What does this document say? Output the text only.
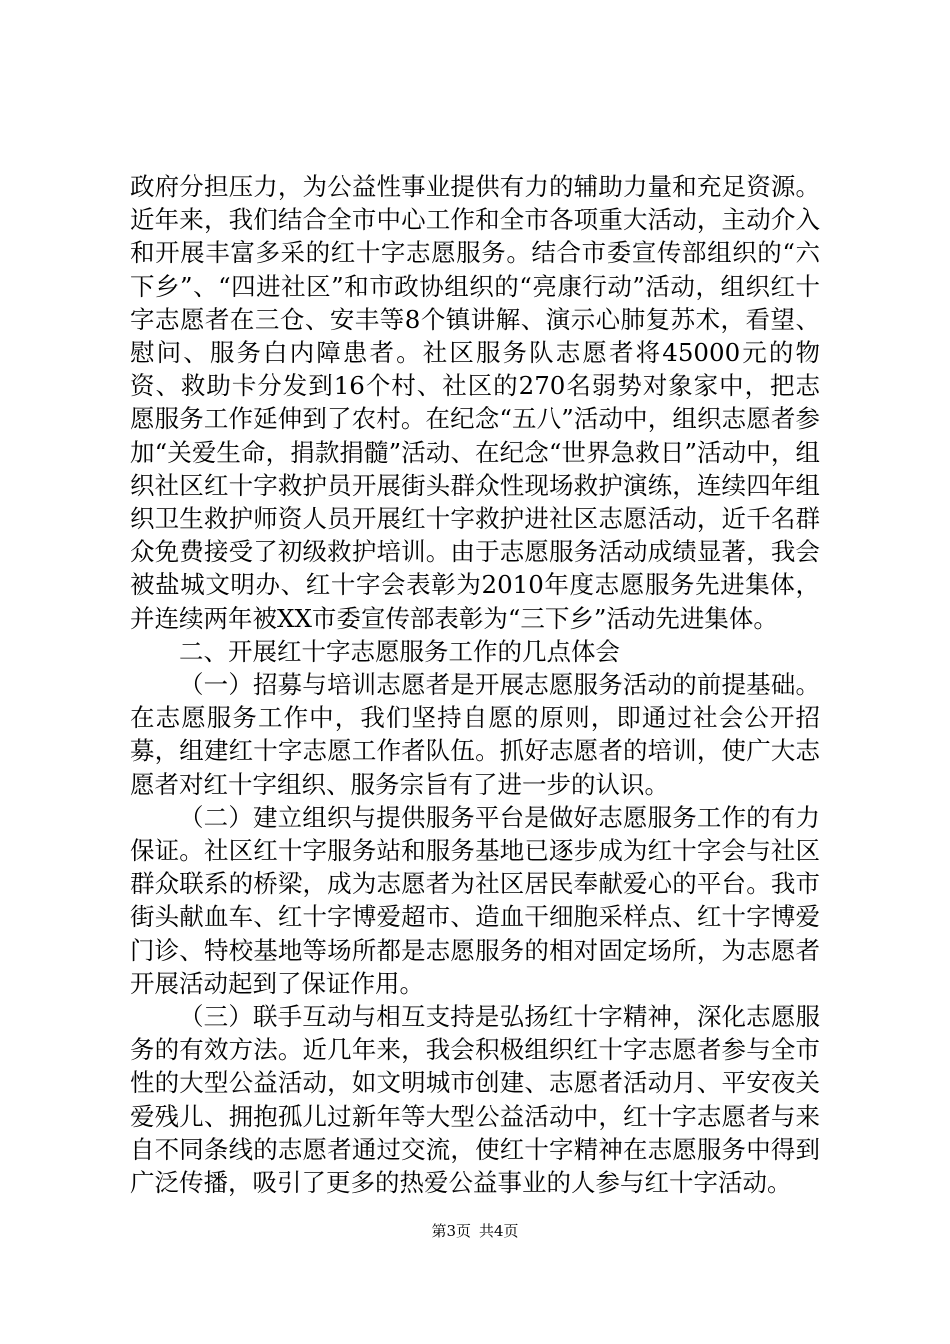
政府分担压力，为公益性事业提供有力的辅助力量和充足资源。近年来，我们结合全市中心工作和全市各项重大活动，主动介入和开展丰富多采的红十字志愿服务。结合市委宣传部组织的“六下乡”、“四进社区”和市政协组织的“亮康行动”活动，组织红十字志愿者在三仓、安丰等8个镇讲解、演示心肺复苏术，看望、慰问、服务白内障患者。社区服务队志愿者将45000元的物资、救助卡分发到16个村、社区的270名弱势对象家中，把志愿服务工作延伸到了农村。在纪念“五八”活动中，组织志愿者参加“关爱生命，捐款捐髓”活动、在纪念“世界急救日”活动中，组织社区红十字救护员开展街头群众性现场救护演练，连续四年组织卫生救护师资人员开展红十字救护进社区志愿活动，近千名群众免费接受了初级救护培训。由于志愿服务活动成绩显著，我会被盐城文明办、红十字会表彰为2010年度志愿服务先进集体，并连续两年被XX市委宣传部表彰为“三下乡”活动先进集体。

二、开展红十字志愿服务工作的几点体会

（一）招募与培训志愿者是开展志愿服务活动的前提基础。在志愿服务工作中，我们坚持自愿的原则，即通过社会公开招募，组建红十字志愿工作者队伍。抓好志愿者的培训，使广大志愿者对红十字组织、服务宗旨有了进一步的认识。

（二）建立组织与提供服务平台是做好志愿服务工作的有力保证。社区红十字服务站和服务基地已逐步成为红十字会与社区群众联系的桥梁，成为志愿者为社区居民奉献爱心的平台。我市街头献血车、红十字博爱超市、造血干细胞采样点、红十字博爱门诊、特校基地等场所都是志愿服务的相对固定场所，为志愿者开展活动起到了保证作用。

（三）联手互动与相互支持是弘扬红十字精神，深化志愿服务的有效方法。近几年来，我会积极组织红十字志愿者参与全市性的大型公益活动，如文明城市创建、志愿者活动月、平安夜关爱残儿、拥抱孤儿过新年等大型公益活动中，红十字志愿者与来自不同条线的志愿者通过交流，使红十字精神在志愿服务中得到广泛传播，吸引了更多的热爱公益事业的人参与红十字活动。

第3页 共4页
